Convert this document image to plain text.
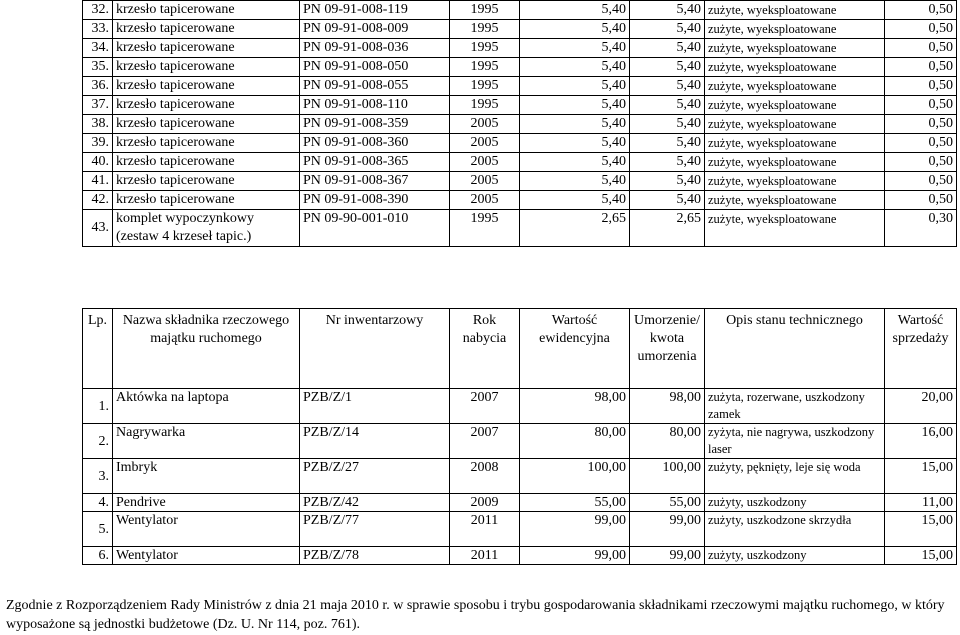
32.	krzesło tapicerowane	PN 09-91-008-119	1995	5,40	5,40	zużyte, wyeksploatowane	0,50
33.	krzesło tapicerowane	PN 09-91-008-009	1995	5,40	5,40	zużyte, wyeksploatowane	0,50
34.	krzesło tapicerowane	PN 09-91-008-036	1995	5,40	5,40	zużyte, wyeksploatowane	0,50
35.	krzesło tapicerowane	PN 09-91-008-050	1995	5,40	5,40	zużyte, wyeksploatowane	0,50
36.	krzesło tapicerowane	PN 09-91-008-055	1995	5,40	5,40	zużyte, wyeksploatowane	0,50
37.	krzesło tapicerowane	PN 09-91-008-110	1995	5,40	5,40	zużyte, wyeksploatowane	0,50
38.	krzesło tapicerowane	PN 09-91-008-359	2005	5,40	5,40	zużyte, wyeksploatowane	0,50
39.	krzesło tapicerowane	PN 09-91-008-360	2005	5,40	5,40	zużyte, wyeksploatowane	0,50
40.	krzesło tapicerowane	PN 09-91-008-365	2005	5,40	5,40	zużyte, wyeksploatowane	0,50
41.	krzesło tapicerowane	PN 09-91-008-367	2005	5,40	5,40	zużyte, wyeksploatowane	0,50
42.	krzesło tapicerowane	PN 09-91-008-390	2005	5,40	5,40	zużyte, wyeksploatowane	0,50
43.	komplet wypoczynkowy (zestaw 4 krzeseł tapic.)	PN 09-90-001-010	1995	2,65	2,65	zużyte, wyeksploatowane	0,30
Lp.	Nazwa składnika rzeczowego majątku ruchomego	Nr inwentarzowy	Rok nabycia	Wartość ewidencyjna	Umorzenie/ kwota umorzenia	Opis stanu technicznego	Wartość sprzedaży
1.	Aktówka na laptopa	PZB/Z/1	2007	98,00	98,00	zużyta, rozerwane, uszkodzony zamek	20,00
2.	Nagrywarka	PZB/Z/14	2007	80,00	80,00	zyżyta, nie nagrywa, uszkodzony laser	16,00
3.	Imbryk	PZB/Z/27	2008	100,00	100,00	zużyty, pęknięty, leje się woda	15,00
4.	Pendrive	PZB/Z/42	2009	55,00	55,00	zużyty, uszkodzony	11,00
5.	Wentylator	PZB/Z/77	2011	99,00	99,00	zużyty, uszkodzone skrzydła	15,00
6.	Wentylator	PZB/Z/78	2011	99,00	99,00	zużyty, uszkodzony	15,00

Zgodnie z Rozporządzeniem Rady Ministrów z dnia 21 maja 2010 r. w sprawie sposobu i trybu gospodarowania składnikami rzeczowymi majątku ruchomego, w który wyposażone są jednostki budżetowe (Dz. U. Nr 114, poz. 761).
